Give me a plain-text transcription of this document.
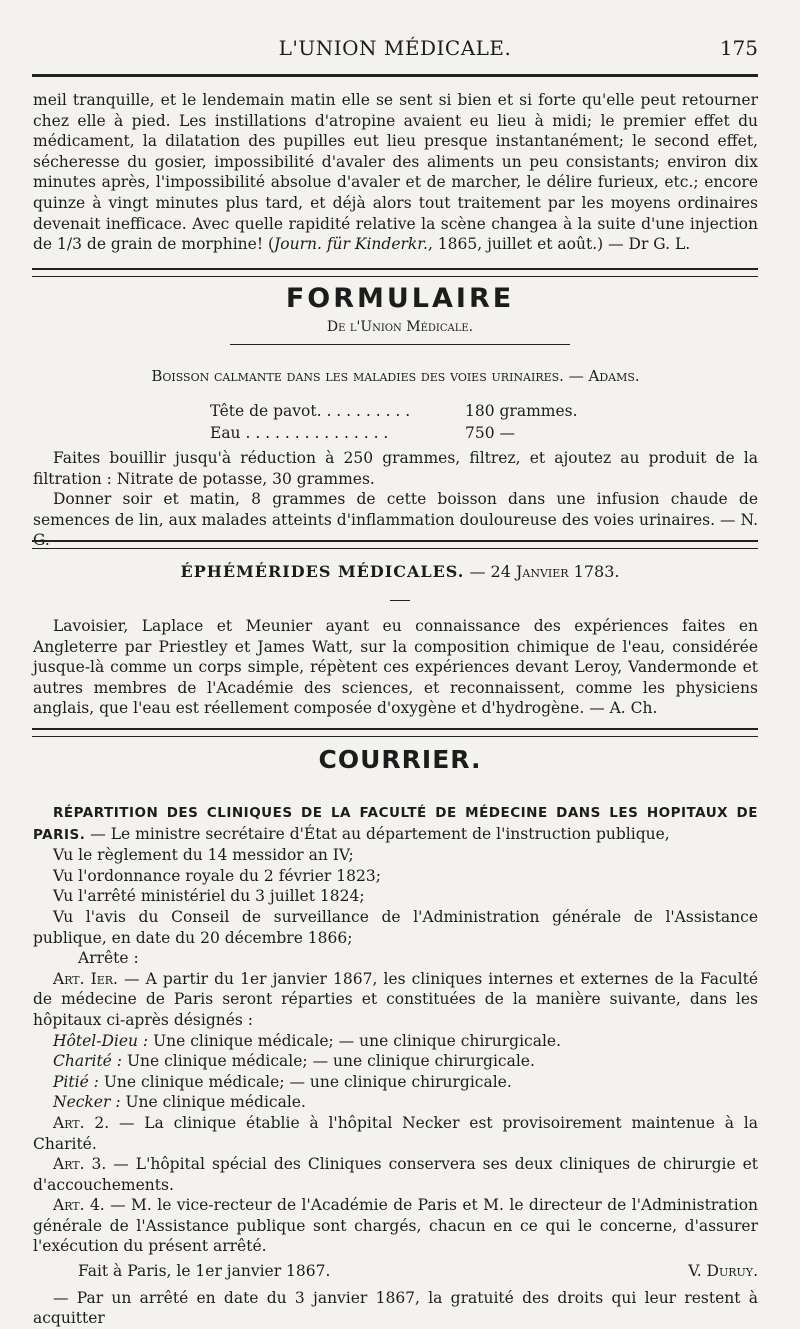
L'UNION MÉDICALE.	175

meil tranquille, et le lendemain matin elle se sent si bien et si forte qu'elle peut retourner chez elle à pied. Les instillations d'atropine avaient eu lieu à midi; le premier effet du médicament, la dilatation des pupilles eut lieu presque instantanément; le second effet, sécheresse du gosier, impossibilité d'avaler des aliments un peu consistants; environ dix minutes après, l'impossibilité absolue d'avaler et de marcher, le délire furieux, etc.; encore quinze à vingt minutes plus tard, et déjà alors tout traitement par les moyens ordinaires devenait inefficace. Avec quelle rapidité relative la scène changea à la suite d'une injection de 1/3 de grain de morphine! (Journ. für Kinderkr., 1865, juillet et août.) — Dr G. L.

FORMULAIRE
De l'Union Médicale.
Boisson calmante dans les maladies des voies urinaires. — Adams.
Tête de pavot. . . . . . . . . .	180 grammes.
Eau . . . . . . . . . . . . . . .	750 —

Faites bouillir jusqu'à réduction à 250 grammes, filtrez, et ajoutez au produit de la filtration : Nitrate de potasse, 30 grammes.

Donner soir et matin, 8 grammes de cette boisson dans une infusion chaude de semences de lin, aux malades atteints d'inflammation douloureuse des voies urinaires. — N. G.

ÉPHÉMÉRIDES MÉDICALES. — 24 Janvier 1783.

Lavoisier, Laplace et Meunier ayant eu connaissance des expériences faites en Angleterre par Priestley et James Watt, sur la composition chimique de l'eau, considérée jusque-là comme un corps simple, répètent ces expériences devant Leroy, Vandermonde et autres membres de l'Académie des sciences, et reconnaissent, comme les physiciens anglais, que l'eau est réellement composée d'oxygène et d'hydrogène. — A. Ch.

COURRIER.

RÉPARTITION DES CLINIQUES DE LA FACULTÉ DE MÉDECINE DANS LES HOPITAUX DE PARIS. — Le ministre secrétaire d'État au département de l'instruction publique,

Vu le règlement du 14 messidor an IV;

Vu l'ordonnance royale du 2 février 1823;

Vu l'arrêté ministériel du 3 juillet 1824;

Vu l'avis du Conseil de surveillance de l'Administration générale de l'Assistance publique, en date du 20 décembre 1866;

Arrête :

Art. Ier. — A partir du 1er janvier 1867, les cliniques internes et externes de la Faculté de médecine de Paris seront réparties et constituées de la manière suivante, dans les hôpitaux ci-après désignés :

Hôtel-Dieu : Une clinique médicale; — une clinique chirurgicale.

Charité : Une clinique médicale; — une clinique chirurgicale.

Pitié : Une clinique médicale; — une clinique chirurgicale.

Necker : Une clinique médicale.

Art. 2. — La clinique établie à l'hôpital Necker est provisoirement maintenue à la Charité.

Art. 3. — L'hôpital spécial des Cliniques conservera ses deux cliniques de chirurgie et d'accouchements.

Art. 4. — M. le vice-recteur de l'Académie de Paris et M. le directeur de l'Administration générale de l'Assistance publique sont chargés, chacun en ce qui le concerne, d'assurer l'exécution du présent arrêté.

Fait à Paris, le 1er janvier 1867.	V. Duruy.

— Par un arrêté en date du 3 janvier 1867, la gratuité des droits qui leur restent à acquitter
